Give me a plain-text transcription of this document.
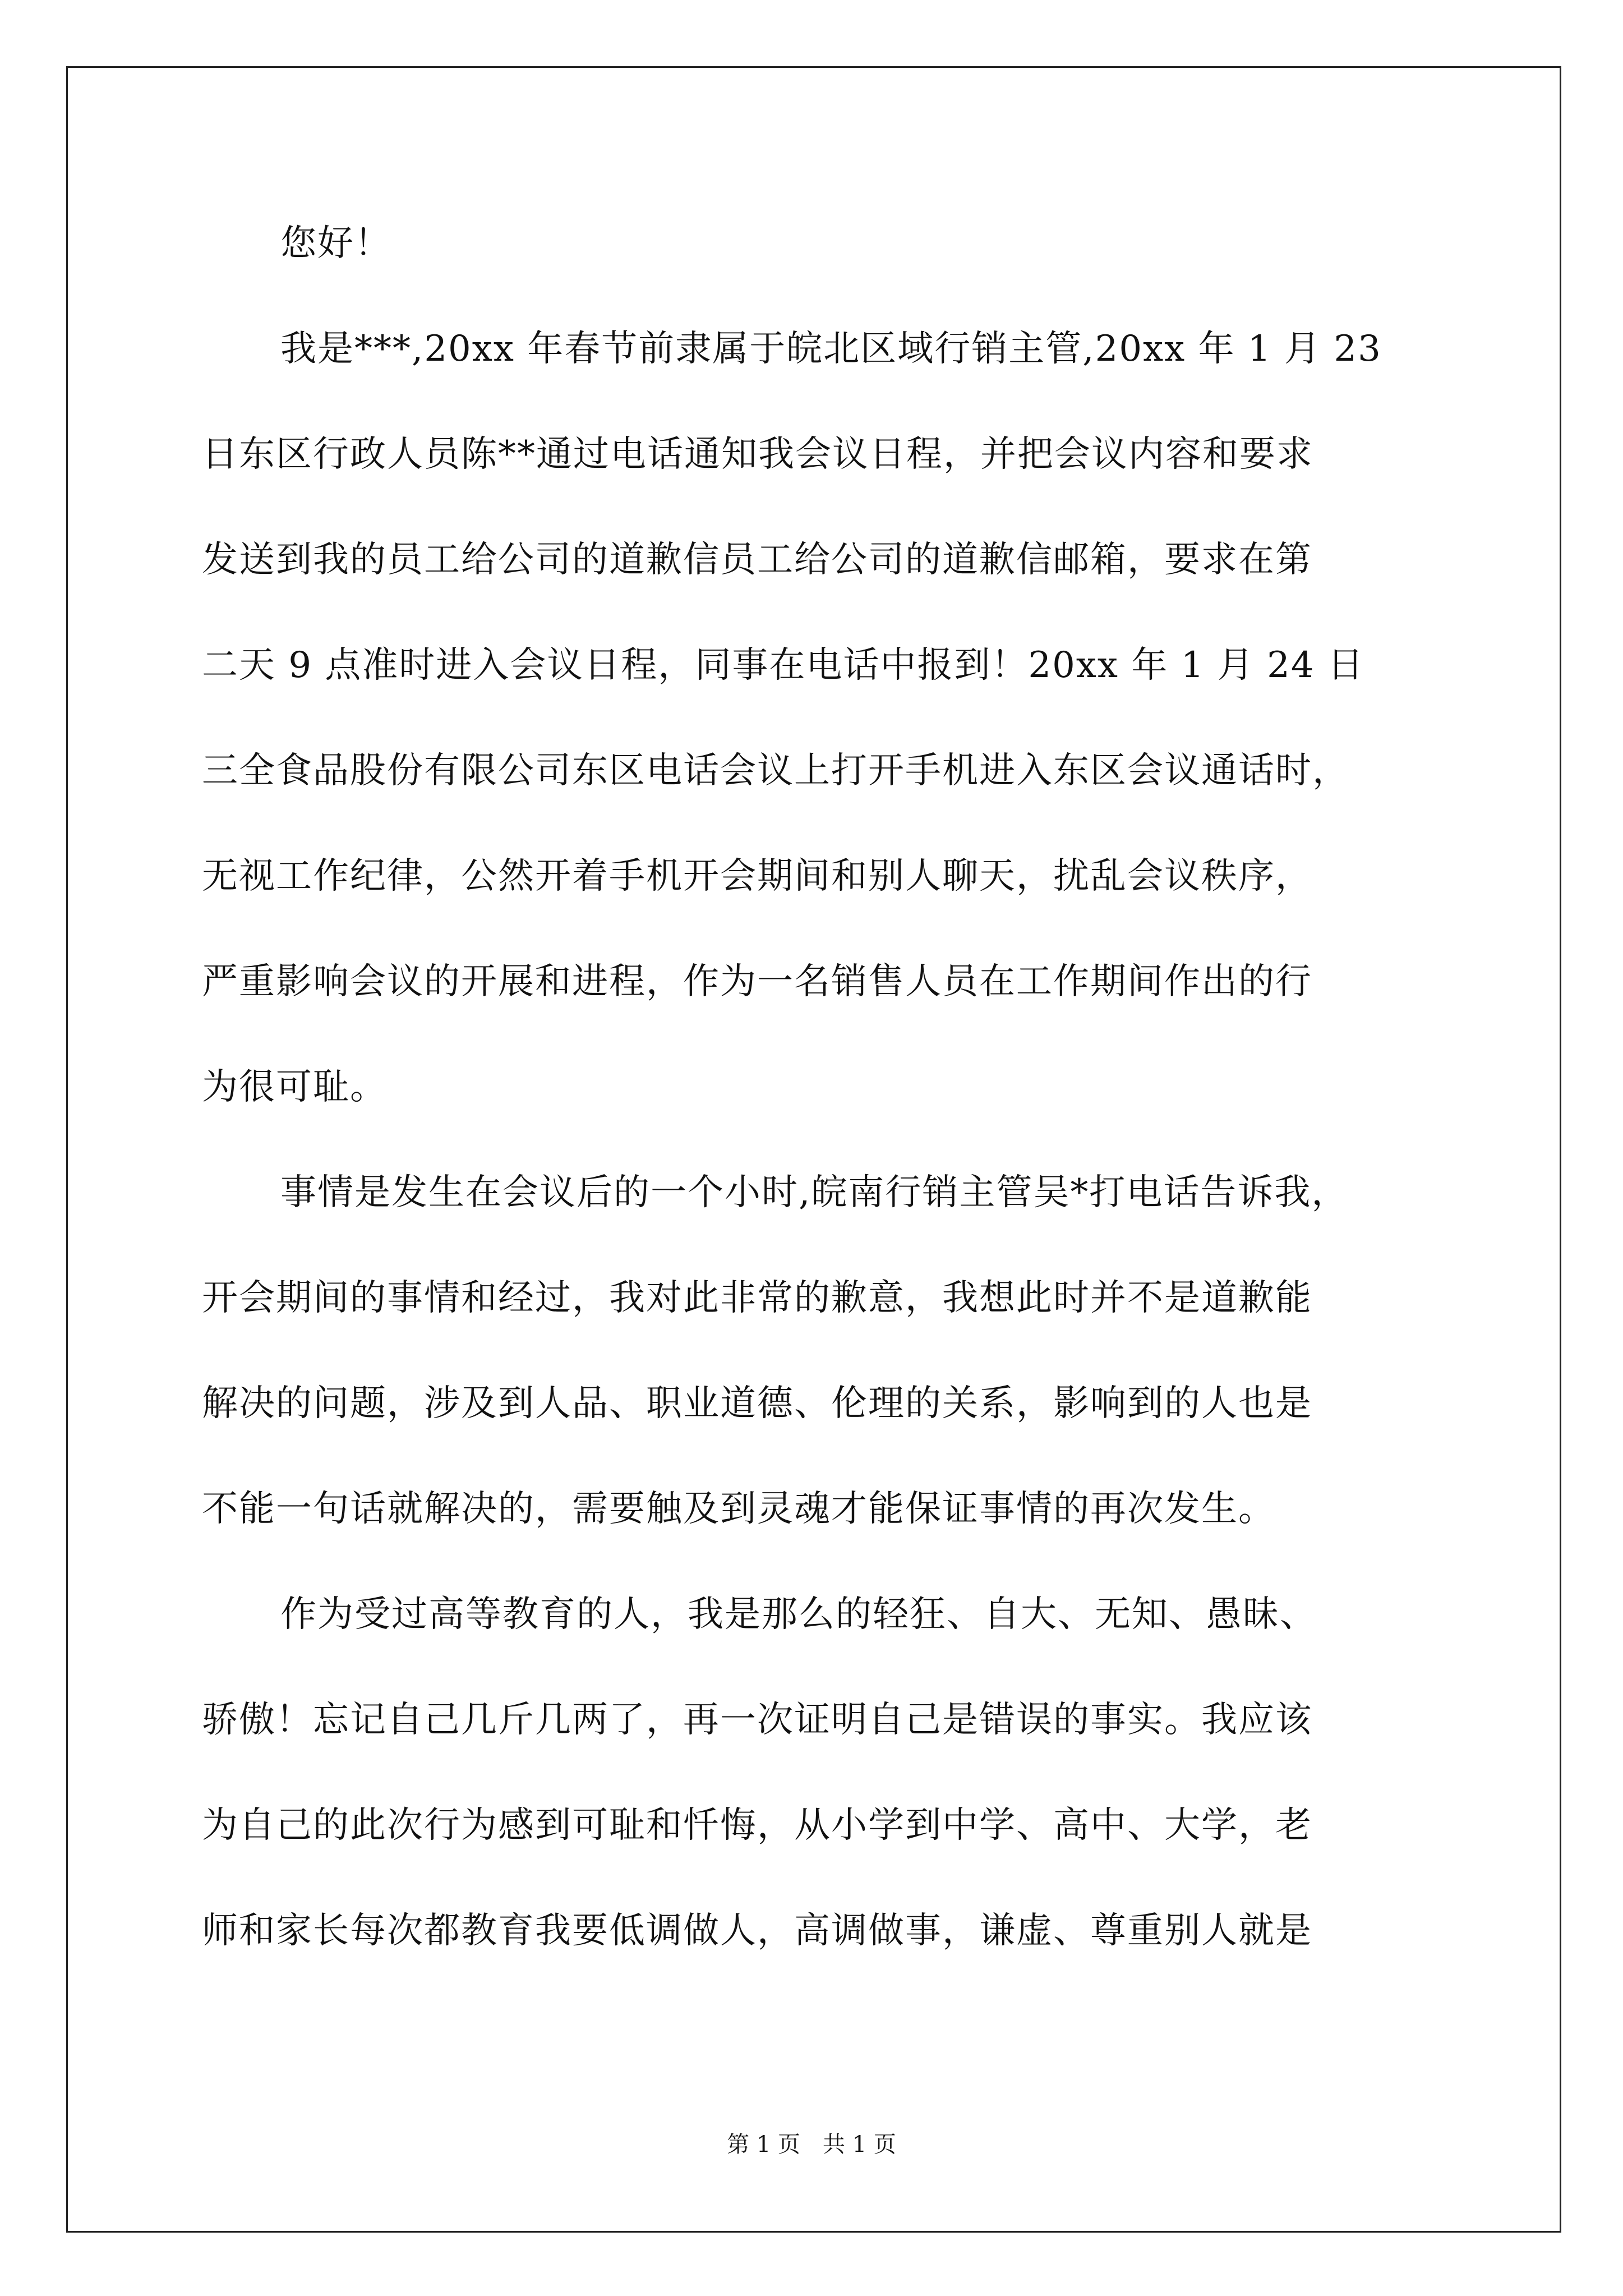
您好！
我是***,20xx 年春节前隶属于皖北区域行销主管,20xx 年 1 月 23
日东区行政人员陈**通过电话通知我会议日程，并把会议内容和要求
发送到我的员工给公司的道歉信员工给公司的道歉信邮箱，要求在第
二天 9 点准时进入会议日程，同事在电话中报到！20xx 年 1 月 24 日
三全食品股份有限公司东区电话会议上打开手机进入东区会议通话时，
无视工作纪律，公然开着手机开会期间和别人聊天，扰乱会议秩序，
严重影响会议的开展和进程，作为一名销售人员在工作期间作出的行
为很可耻。
事情是发生在会议后的一个小时,皖南行销主管吴*打电话告诉我，
开会期间的事情和经过，我对此非常的歉意，我想此时并不是道歉能
解决的问题，涉及到人品、职业道德、伦理的关系，影响到的人也是
不能一句话就解决的，需要触及到灵魂才能保证事情的再次发生。
作为受过高等教育的人，我是那么的轻狂、自大、无知、愚昧、
骄傲！忘记自己几斤几两了，再一次证明自己是错误的事实。我应该
为自己的此次行为感到可耻和忏悔，从小学到中学、高中、大学，老
师和家长每次都教育我要低调做人，高调做事，谦虚、尊重别人就是
第 1 页　共 1 页
